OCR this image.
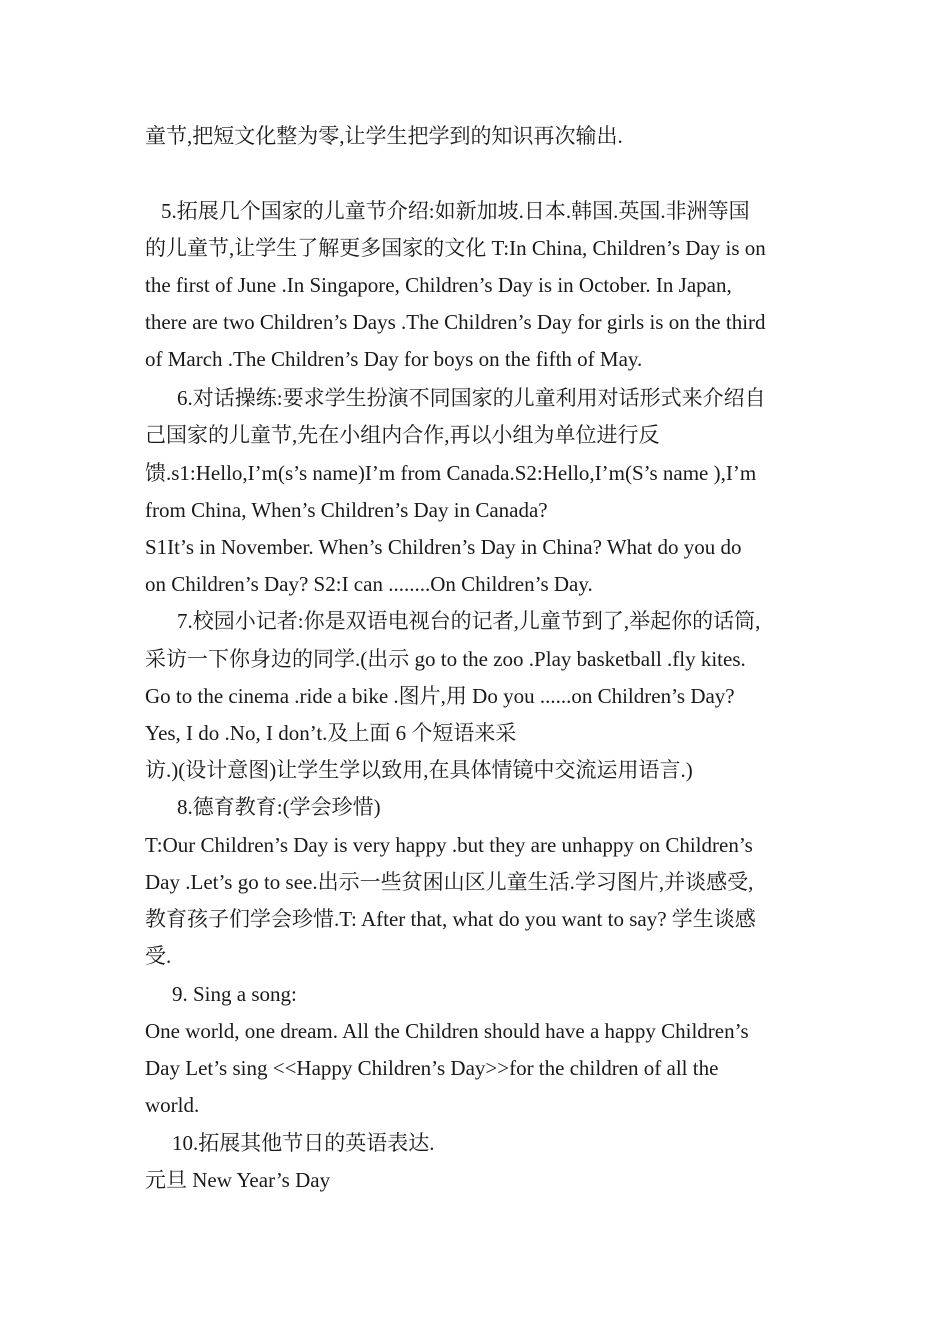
童节,把短文化整为零,让学生把学到的知识再次输出.
5.拓展几个国家的儿童节介绍:如新加坡.日本.韩国.英国.非洲等国
的儿童节,让学生了解更多国家的文化 T:In China, Children’s Day is on
the first of June .In Singapore, Children’s Day is in October. In Japan,
there are two Children’s Days .The Children’s Day for girls is on the third
of March .The Children’s Day for boys on the fifth of May.
6.对话操练:要求学生扮演不同国家的儿童利用对话形式来介绍自
己国家的儿童节,先在小组内合作,再以小组为单位进行反
馈.s1:Hello,I’m(s’s name)I’m from Canada.S2:Hello,I’m(S’s name ),I’m
from China, When’s Children’s Day in Canada?
S1It’s in November. When’s Children’s Day in China? What do you do
on Children’s Day? S2:I can ........On Children’s Day.
7.校园小记者:你是双语电视台的记者,儿童节到了,举起你的话筒,
采访一下你身边的同学.(出示 go to the zoo .Play basketball .fly kites.
Go to the cinema .ride a bike .图片,用 Do you ......on Children’s Day?
Yes, I do .No, I don’t.及上面 6 个短语来采
访.)(设计意图)让学生学以致用,在具体情镜中交流运用语言.)
8.德育教育:(学会珍惜)
T:Our Children’s Day is very happy .but they are unhappy on Children’s
Day .Let’s go to see.出示一些贫困山区儿童生活.学习图片,并谈感受,
教育孩子们学会珍惜.T: After that, what do you want to say? 学生谈感
受.
9. Sing a song:
One world, one dream. All the Children should have a happy Children’s
Day Let’s sing <<Happy Children’s Day>>for the children of all the
world.
10.拓展其他节日的英语表达.
元旦 New Year’s Day
